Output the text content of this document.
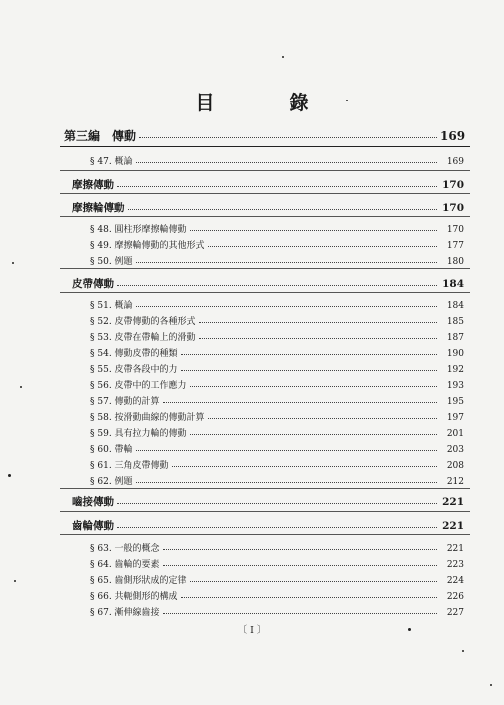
目　錄
第三編　傳動	169
§ 47. 概論	169
摩擦傳動	170
摩擦輪傳動	170
§ 48. 圓柱形摩擦輪傳動	170
§ 49. 摩擦輪傳動的其他形式	177
§ 50. 例題	180
皮帶傳動	184
§ 51. 概論	184
§ 52. 皮帶傳動的各種形式	185
§ 53. 皮帶在帶輪上的滑動	187
§ 54. 傳動皮帶的種類	190
§ 55. 皮帶各段中的力	192
§ 56. 皮帶中的工作應力	193
§ 57. 傳動的計算	195
§ 58. 按滑動曲線的傳動計算	197
§ 59. 具有拉力輪的傳動	201
§ 60. 帶輪	203
§ 61. 三角皮帶傳動	208
§ 62. 例題	212
嚙接傳動	221
齒輪傳動	221
§ 63. 一般的概念	221
§ 64. 齒輪的要素	223
§ 65. 齒側形狀成的定律	224
§ 66. 共軛側形的構成	226
§ 67. 漸伸線齒接	227
〔 I 〕
